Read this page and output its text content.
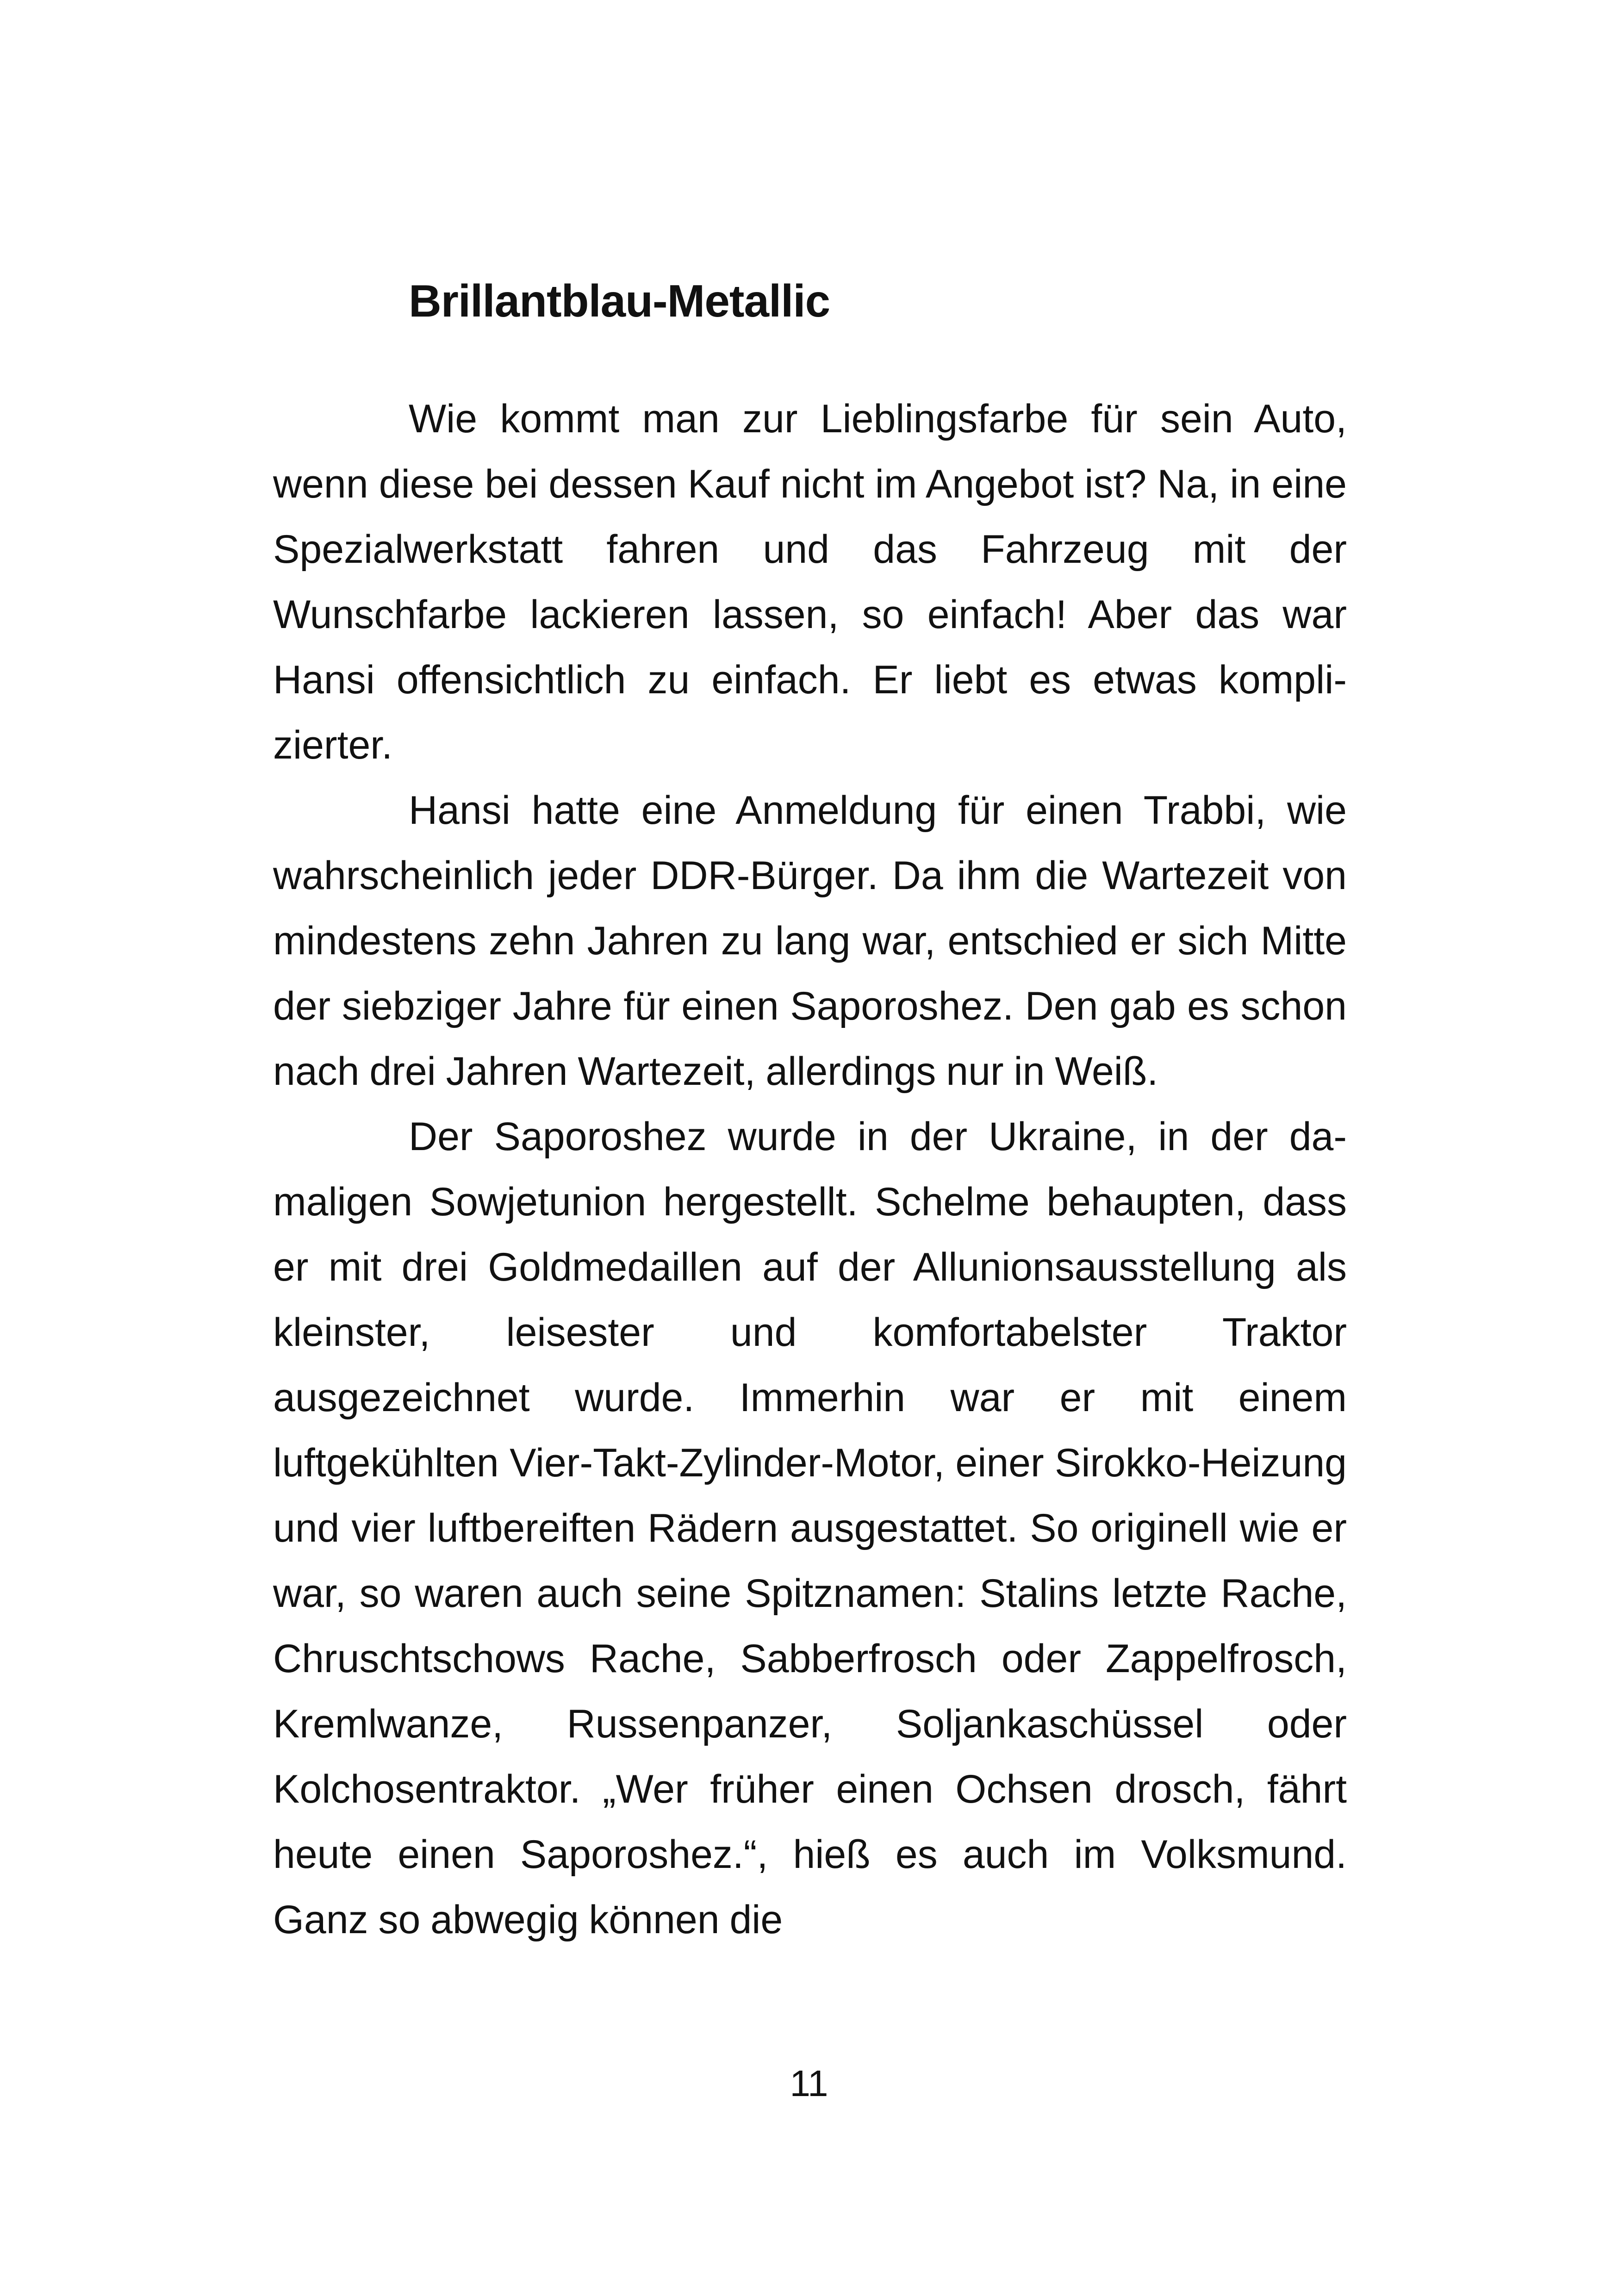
Brillantblau-Metallic

Wie kommt man zur Lieblingsfarbe für sein Auto, wenn diese bei dessen Kauf nicht im Angebot ist? Na, in eine Spezialwerkstatt fahren und das Fahrzeug mit der Wunschfarbe lackieren lassen, so einfach! Aber das war Hansi offensichtlich zu einfach. Er liebt es etwas komplizierter.

Hansi hatte eine Anmeldung für einen Trabbi, wie wahrscheinlich jeder DDR-Bürger. Da ihm die Wartezeit von mindestens zehn Jahren zu lang war, entschied er sich Mitte der siebziger Jahre für einen Saporoshez. Den gab es schon nach drei Jahren Wartezeit, allerdings nur in Weiß.

Der Saporoshez wurde in der Ukraine, in der damaligen Sowjetunion hergestellt. Schelme behaupten, dass er mit drei Goldmedaillen auf der Allunionsausstellung als kleinster, leisester und komfortabelster Traktor ausgezeichnet wurde. Immerhin war er mit einem luftgekühlten Vier-Takt-Zylinder-Motor, einer Sirokko-Heizung und vier luftbereiften Rädern ausgestattet. So originell wie er war, so waren auch seine Spitznamen: Stalins letzte Rache, Chruschtschows Rache, Sabberfrosch oder Zappelfrosch, Kremlwanze, Russenpanzer, Soljankaschüssel oder Kolchosentraktor. „Wer früher einen Ochsen drosch, fährt heute einen Saporoshez.“, hieß es auch im Volksmund. Ganz so abwegig können die

11
